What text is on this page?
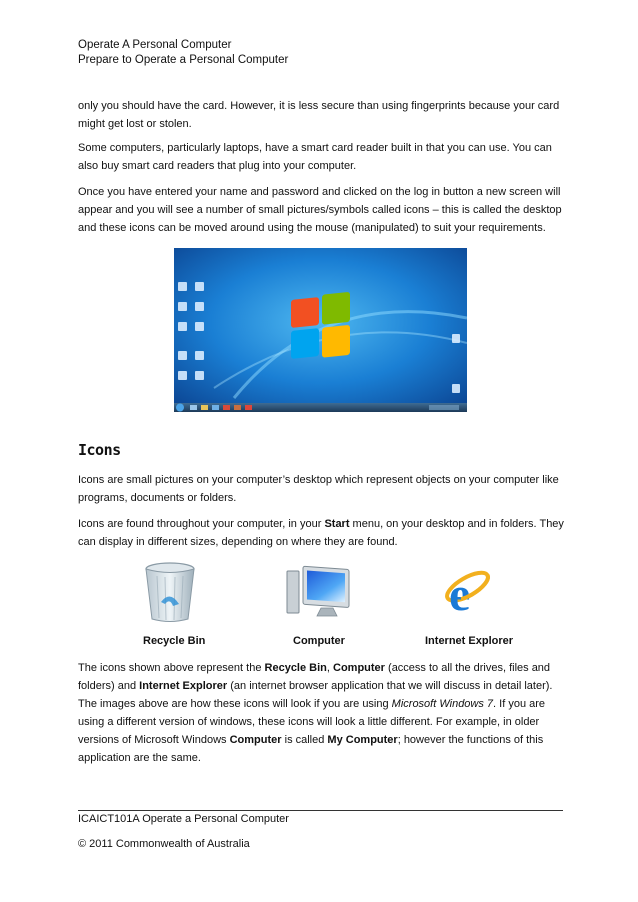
Operate A Personal Computer
Prepare to Operate a Personal Computer

only you should have the card. However, it is less secure than using fingerprints because your card might get lost or stolen.

Some computers, particularly laptops, have a smart card reader built in that you can use. You can also buy smart card readers that plug into your computer.

Once you have entered your name and password and clicked on the log in button a new screen will appear and you will see a number of small pictures/symbols called icons – this is called the desktop and these icons can be moved around using the mouse (manipulated) to suit your requirements.

Icons

Icons are small pictures on your computer’s desktop which represent objects on your computer like programs, documents or folders.

Icons are found throughout your computer, in your Start menu, on your desktop and in folders. They can display in different sizes, depending on where they are found.

Recycle Bin	Computer
e
Internet Explorer

The icons shown above represent the Recycle Bin, Computer (access to all the drives, files and folders) and Internet Explorer (an internet browser application that we will discuss in detail later). The images above are how these icons will look if you are using Microsoft Windows 7. If you are using a different version of windows, these icons will look a little different. For example, in older versions of Microsoft Windows Computer is called My Computer; however the functions of this application are the same.

ICAICT101A Operate a Personal Computer
© 2011 Commonwealth of Australia
